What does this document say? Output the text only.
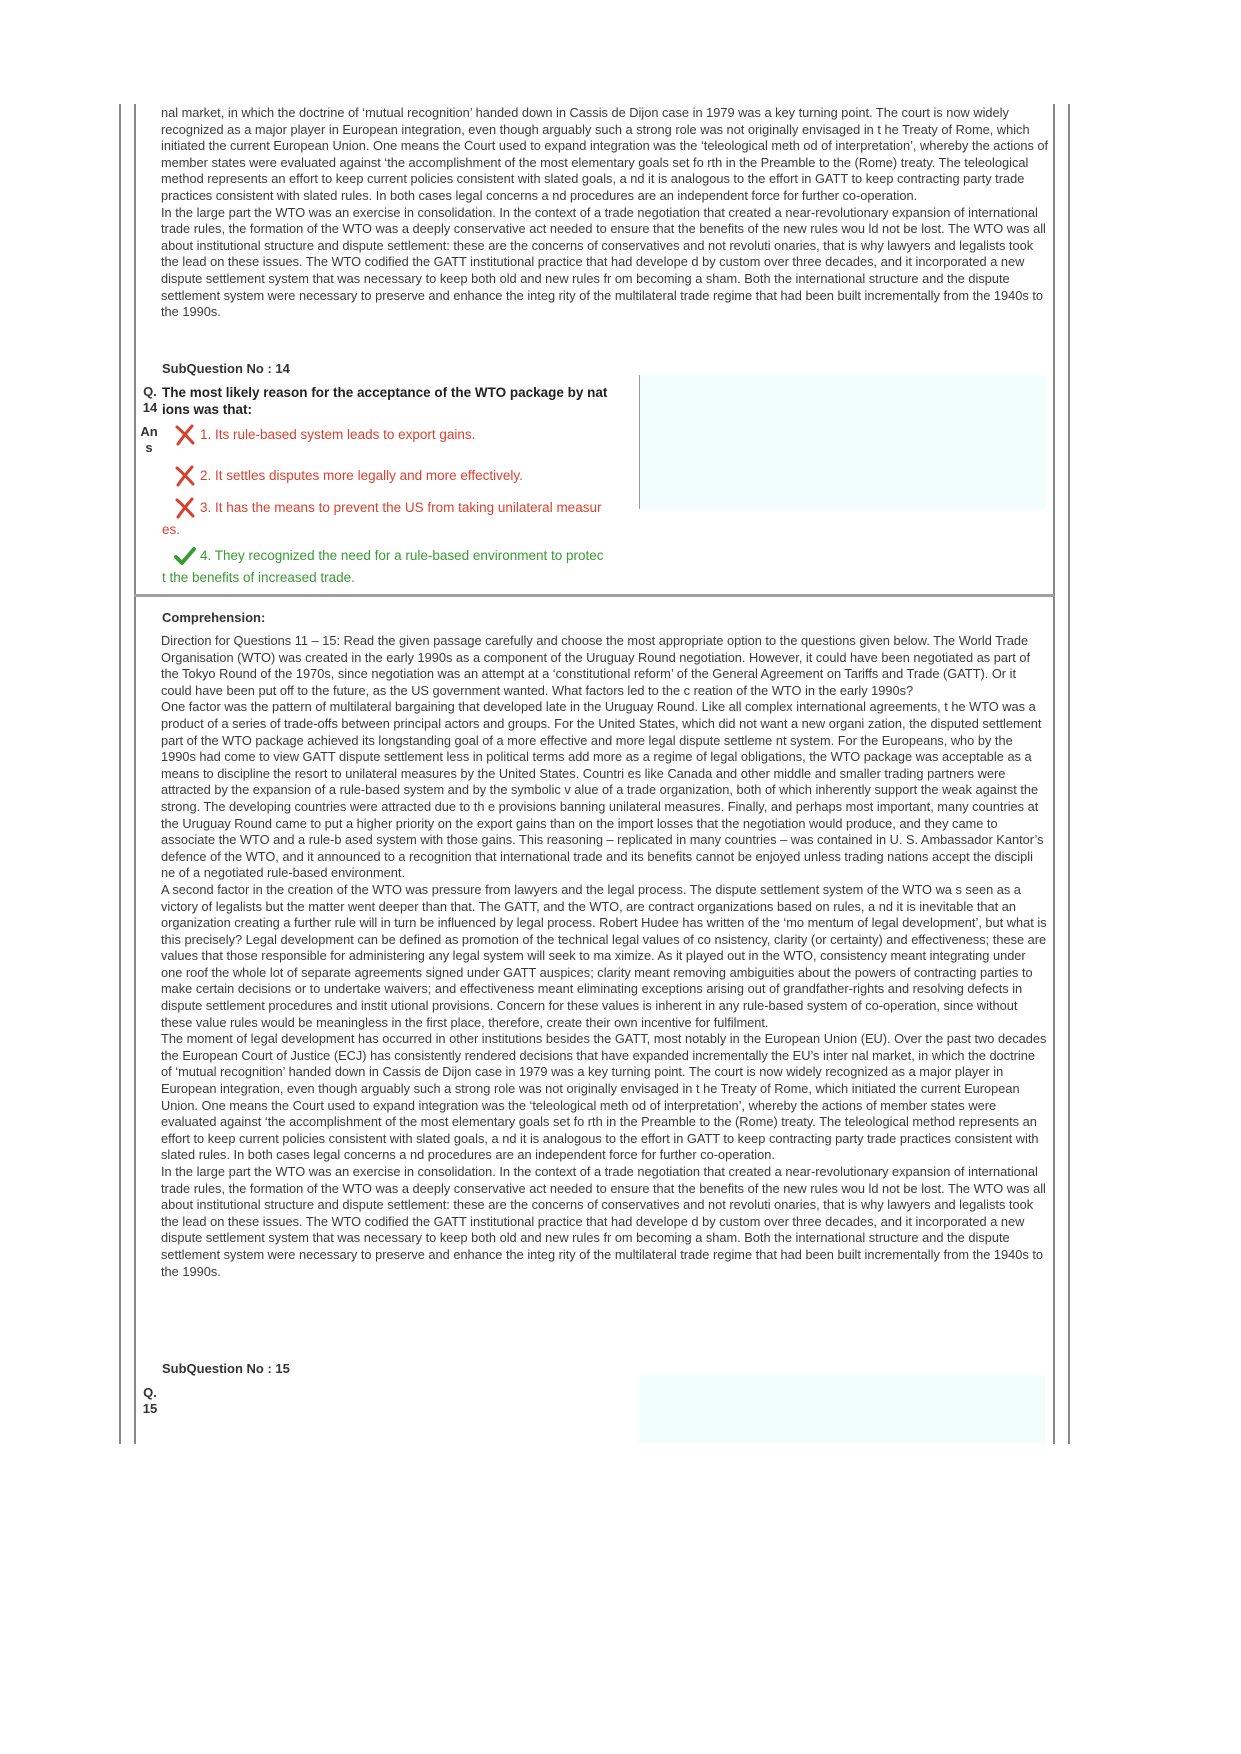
nal market, in which the doctrine of ‘mutual recognition’ handed down in Cassis de Dijon case in 1979 was a key turning point. The court is now widely recognized as a major player in European integration, even though arguably such a strong role was not originally envisaged in t he Treaty of Rome, which initiated the current European Union. One means the Court used to expand integration was the ‘teleological meth od of interpretation’, whereby the actions of member states were evaluated against ‘the accomplishment of the most elementary goals set fo rth in the Preamble to the (Rome) treaty. The teleological method represents an effort to keep current policies consistent with slated goals, a nd it is analogous to the effort in GATT to keep contracting party trade practices consistent with slated rules. In both cases legal concerns a nd procedures are an independent force for further co-operation.

In the large part the WTO was an exercise in consolidation. In the context of a trade negotiation that created a near-revolutionary expansion of international trade rules, the formation of the WTO was a deeply conservative act needed to ensure that the benefits of the new rules wou ld not be lost. The WTO was all about institutional structure and dispute settlement: these are the concerns of conservatives and not revoluti onaries, that is why lawyers and legalists took the lead on these issues. The WTO codified the GATT institutional practice that had develope d by custom over three decades, and it incorporated a new dispute settlement system that was necessary to keep both old and new rules fr om becoming a sham. Both the international structure and the dispute settlement system were necessary to preserve and enhance the integ rity of the multilateral trade regime that had been built incrementally from the 1940s to the 1990s.

SubQuestion No : 14
Q.
14
The most likely reason for the acceptance of the WTO package by nat ions was that:
An
s
1. Its rule-based system leads to export gains.
2. It settles disputes more legally and more effectively.
3. It has the means to prevent the US from taking unilateral measur
es.
4. They recognized the need for a rule-based environment to protec
t the benefits of increased trade.
Comprehension:

Direction for Questions 11 – 15: Read the given passage carefully and choose the most appropriate option to the questions given below. The World Trade Organisation (WTO) was created in the early 1990s as a component of the Uruguay Round negotiation. However, it could have been negotiated as part of the Tokyo Round of the 1970s, since negotiation was an attempt at a ‘constitutional reform’ of the General Agreement on Tariffs and Trade (GATT). Or it could have been put off to the future, as the US government wanted. What factors led to the c reation of the WTO in the early 1990s?

One factor was the pattern of multilateral bargaining that developed late in the Uruguay Round. Like all complex international agreements, t he WTO was a product of a series of trade-offs between principal actors and groups. For the United States, which did not want a new organi zation, the disputed settlement part of the WTO package achieved its longstanding goal of a more effective and more legal dispute settleme nt system. For the Europeans, who by the 1990s had come to view GATT dispute settlement less in political terms add more as a regime of legal obligations, the WTO package was acceptable as a means to discipline the resort to unilateral measures by the United States. Countri es like Canada and other middle and smaller trading partners were attracted by the expansion of a rule-based system and by the symbolic v alue of a trade organization, both of which inherently support the weak against the strong. The developing countries were attracted due to th e provisions banning unilateral measures. Finally, and perhaps most important, many countries at the Uruguay Round came to put a higher priority on the export gains than on the import losses that the negotiation would produce, and they came to associate the WTO and a rule-b ased system with those gains. This reasoning – replicated in many countries – was contained in U. S. Ambassador Kantor’s defence of the WTO, and it announced to a recognition that international trade and its benefits cannot be enjoyed unless trading nations accept the discipli ne of a negotiated rule-based environment.

A second factor in the creation of the WTO was pressure from lawyers and the legal process. The dispute settlement system of the WTO wa s seen as a victory of legalists but the matter went deeper than that. The GATT, and the WTO, are contract organizations based on rules, a nd it is inevitable that an organization creating a further rule will in turn be influenced by legal process. Robert Hudee has written of the ‘mo mentum of legal development’, but what is this precisely? Legal development can be defined as promotion of the technical legal values of co nsistency, clarity (or certainty) and effectiveness; these are values that those responsible for administering any legal system will seek to ma ximize. As it played out in the WTO, consistency meant integrating under one roof the whole lot of separate agreements signed under GATT auspices; clarity meant removing ambiguities about the powers of contracting parties to make certain decisions or to undertake waivers; and effectiveness meant eliminating exceptions arising out of grandfather-rights and resolving defects in dispute settlement procedures and instit utional provisions. Concern for these values is inherent in any rule-based system of co-operation, since without these value rules would be meaningless in the first place, therefore, create their own incentive for fulfilment.

The moment of legal development has occurred in other institutions besides the GATT, most notably in the European Union (EU). Over the past two decades the European Court of Justice (ECJ) has consistently rendered decisions that have expanded incrementally the EU’s inter nal market, in which the doctrine of ‘mutual recognition’ handed down in Cassis de Dijon case in 1979 was a key turning point. The court is now widely recognized as a major player in European integration, even though arguably such a strong role was not originally envisaged in t he Treaty of Rome, which initiated the current European Union. One means the Court used to expand integration was the ‘teleological meth od of interpretation’, whereby the actions of member states were evaluated against ‘the accomplishment of the most elementary goals set fo rth in the Preamble to the (Rome) treaty. The teleological method represents an effort to keep current policies consistent with slated goals, a nd it is analogous to the effort in GATT to keep contracting party trade practices consistent with slated rules. In both cases legal concerns a nd procedures are an independent force for further co-operation.

In the large part the WTO was an exercise in consolidation. In the context of a trade negotiation that created a near-revolutionary expansion of international trade rules, the formation of the WTO was a deeply conservative act needed to ensure that the benefits of the new rules wou ld not be lost. The WTO was all about institutional structure and dispute settlement: these are the concerns of conservatives and not revoluti onaries, that is why lawyers and legalists took the lead on these issues. The WTO codified the GATT institutional practice that had develope d by custom over three decades, and it incorporated a new dispute settlement system that was necessary to keep both old and new rules fr om becoming a sham. Both the international structure and the dispute settlement system were necessary to preserve and enhance the integ rity of the multilateral trade regime that had been built incrementally from the 1940s to the 1990s.

SubQuestion No : 15
Q.
15
